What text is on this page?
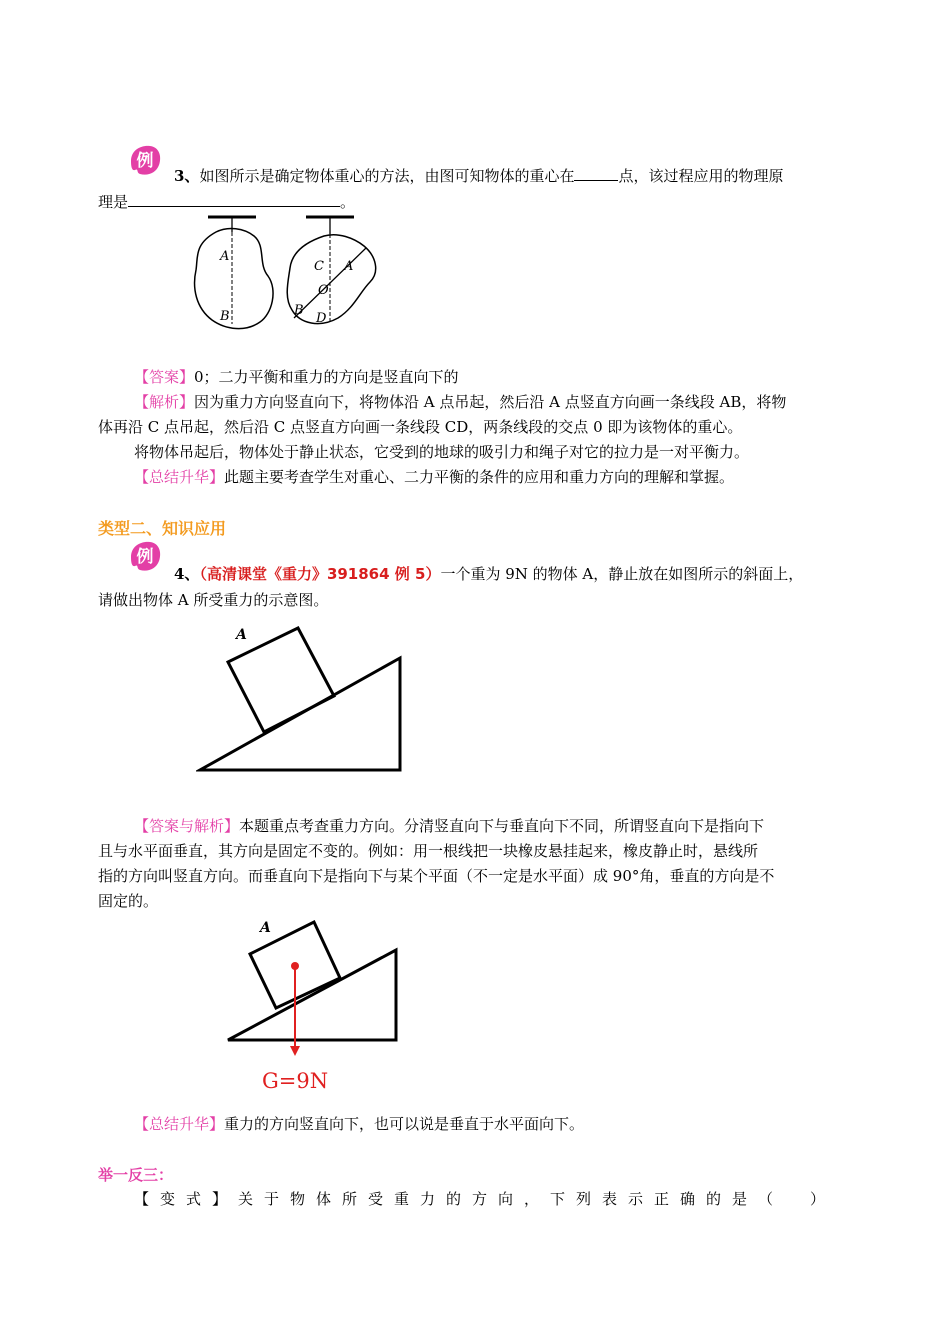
例
3、如图所示是确定物体重心的方法，由图可知物体的重心在	点，该过程应用的物理原
理是	。
A
B
C A
O
B
D
【答案】0；二力平衡和重力的方向是竖直向下的
【解析】因为重力方向竖直向下，将物体沿 A 点吊起，然后沿 A 点竖直方向画一条线段 AB，将物
体再沿 C 点吊起，然后沿 C 点竖直方向画一条线段 CD，两条线段的交点 0 即为该物体的重心。
将物体吊起后，物体处于静止状态，它受到的地球的吸引力和绳子对它的拉力是一对平衡力。
【总结升华】此题主要考查学生对重心、二力平衡的条件的应用和重力方向的理解和掌握。
类型二、知识应用
例
4、（高清课堂《重力》391864 例 5）一个重为 9N 的物体 A，静止放在如图所示的斜面上，
请做出物体 A 所受重力的示意图。
A
【答案与解析】本题重点考查重力方向。分清竖直向下与垂直向下不同，所谓竖直向下是指向下
且与水平面垂直，其方向是固定不变的。例如：用一根线把一块橡皮悬挂起来，橡皮静止时，悬线所
指的方向叫竖直方向。而垂直向下是指向下与某个平面（不一定是水平面）成 90°角，垂直的方向是不
固定的。
A
G=9N
【总结升华】重力的方向竖直向下，也可以说是垂直于水平面向下。
举一反三：
【变式】关于物体所受重力的方向，下列表示正确的是（　）
